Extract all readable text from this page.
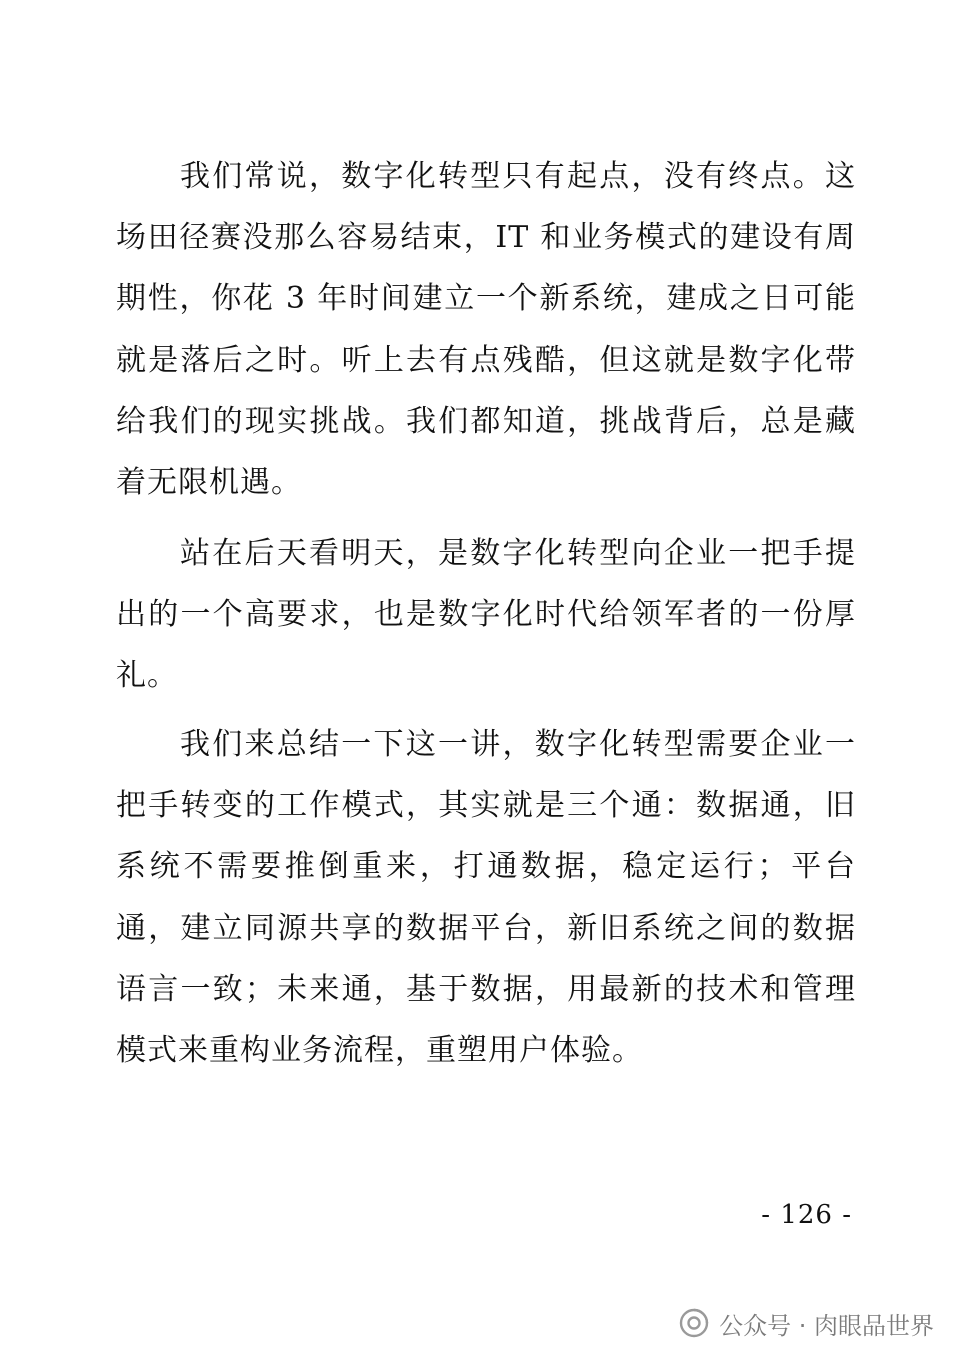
我们常说，数字化转型只有起点，没有终点。这场田径赛没那么容易结束，IT 和业务模式的建设有周期性，你花 3 年时间建立一个新系统，建成之日可能就是落后之时。听上去有点残酷，但这就是数字化带给我们的现实挑战。我们都知道，挑战背后，总是藏着无限机遇。

站在后天看明天，是数字化转型向企业一把手提出的一个高要求，也是数字化时代给领军者的一份厚礼。

我们来总结一下这一讲，数字化转型需要企业一把手转变的工作模式，其实就是三个通：数据通，旧系统不需要推倒重来，打通数据，稳定运行；平台通，建立同源共享的数据平台，新旧系统之间的数据语言一致；未来通，基于数据，用最新的技术和管理模式来重构业务流程，重塑用户体验。

- 126 -
公众号 · 肉眼品世界
